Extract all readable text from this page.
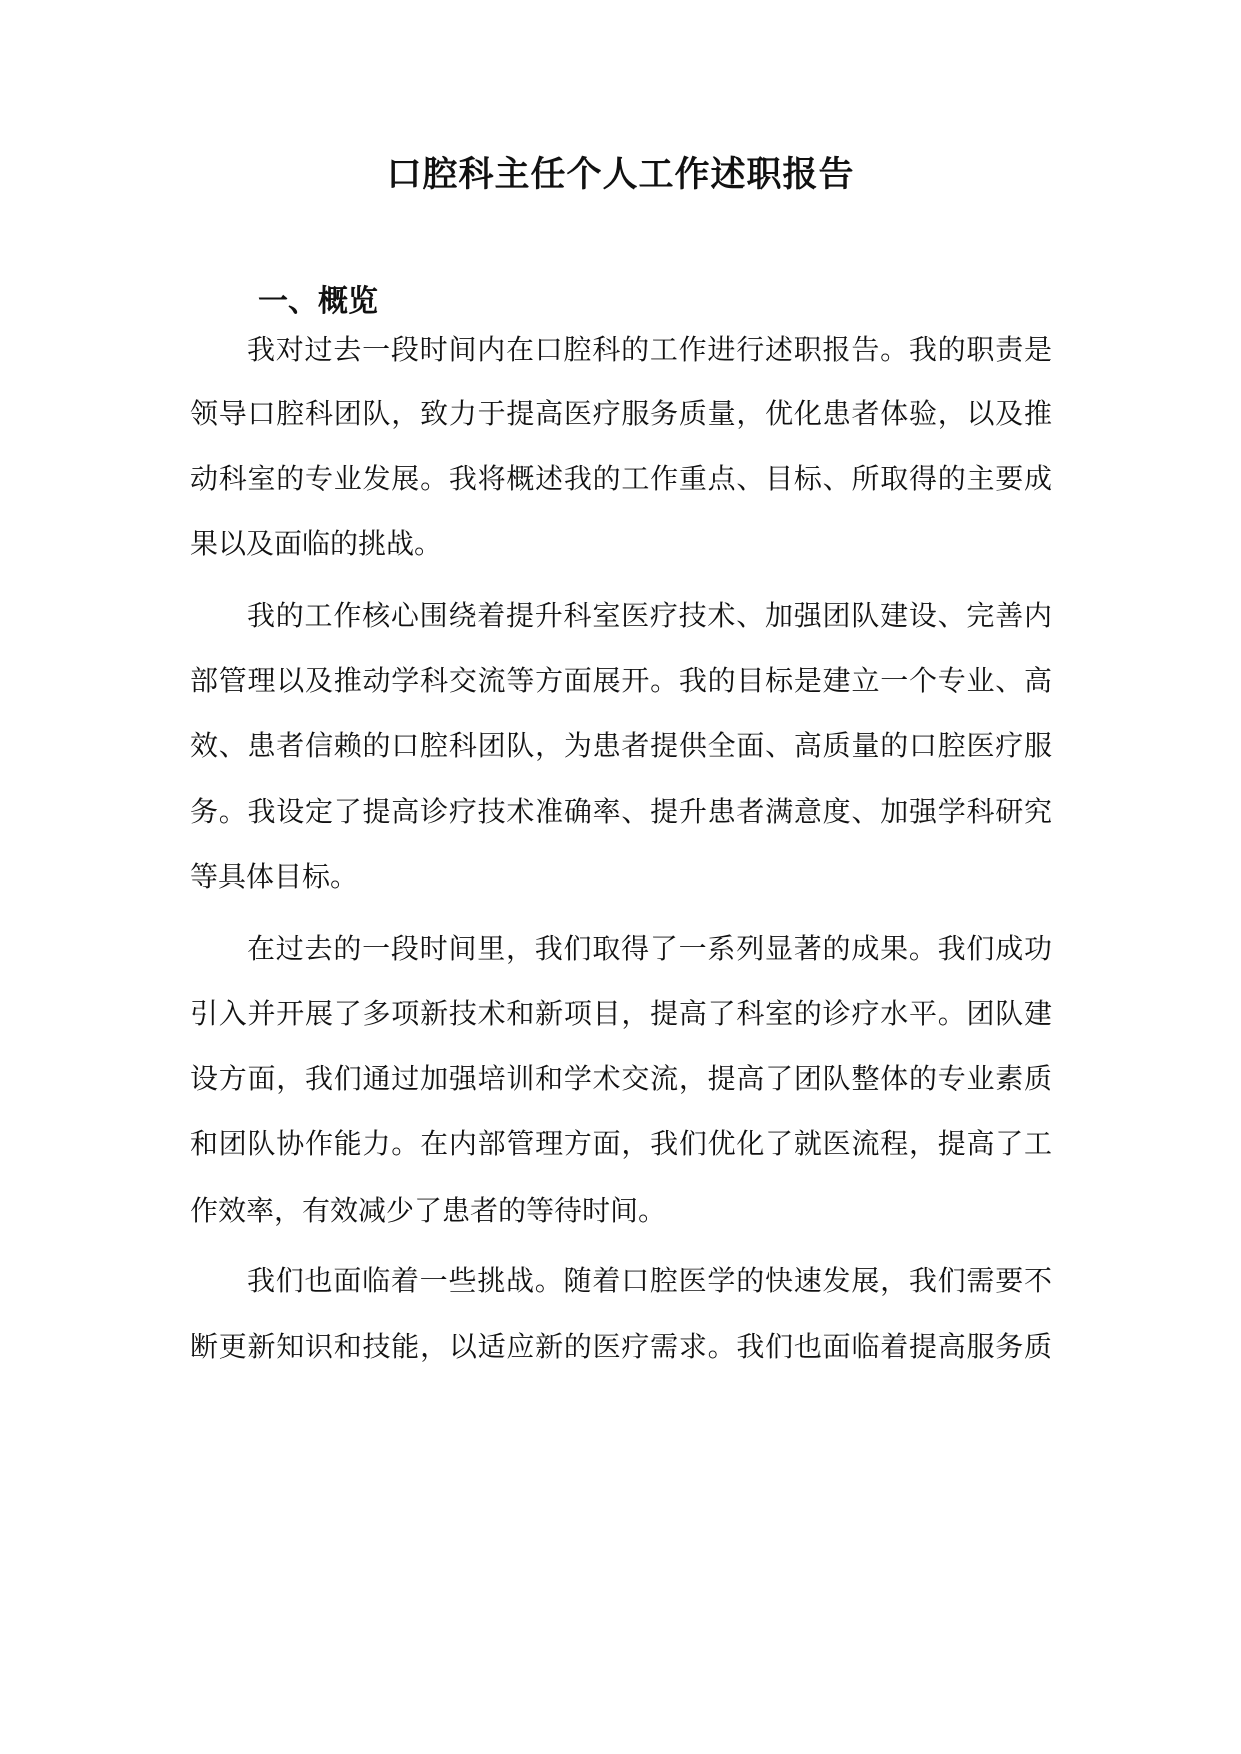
口腔科主任个人工作述职报告
一、概览
我对过去一段时间内在口腔科的工作进行述职报告。我的职责是
领导口腔科团队，致力于提高医疗服务质量，优化患者体验，以及推
动科室的专业发展。我将概述我的工作重点、目标、所取得的主要成
果以及面临的挑战。
我的工作核心围绕着提升科室医疗技术、加强团队建设、完善内
部管理以及推动学科交流等方面展开。我的目标是建立一个专业、高
效、患者信赖的口腔科团队，为患者提供全面、高质量的口腔医疗服
务。我设定了提高诊疗技术准确率、提升患者满意度、加强学科研究
等具体目标。
在过去的一段时间里，我们取得了一系列显著的成果。我们成功
引入并开展了多项新技术和新项目，提高了科室的诊疗水平。团队建
设方面，我们通过加强培训和学术交流，提高了团队整体的专业素质
和团队协作能力。在内部管理方面，我们优化了就医流程，提高了工
作效率，有效减少了患者的等待时间。
我们也面临着一些挑战。随着口腔医学的快速发展，我们需要不
断更新知识和技能，以适应新的医疗需求。我们也面临着提高服务质
